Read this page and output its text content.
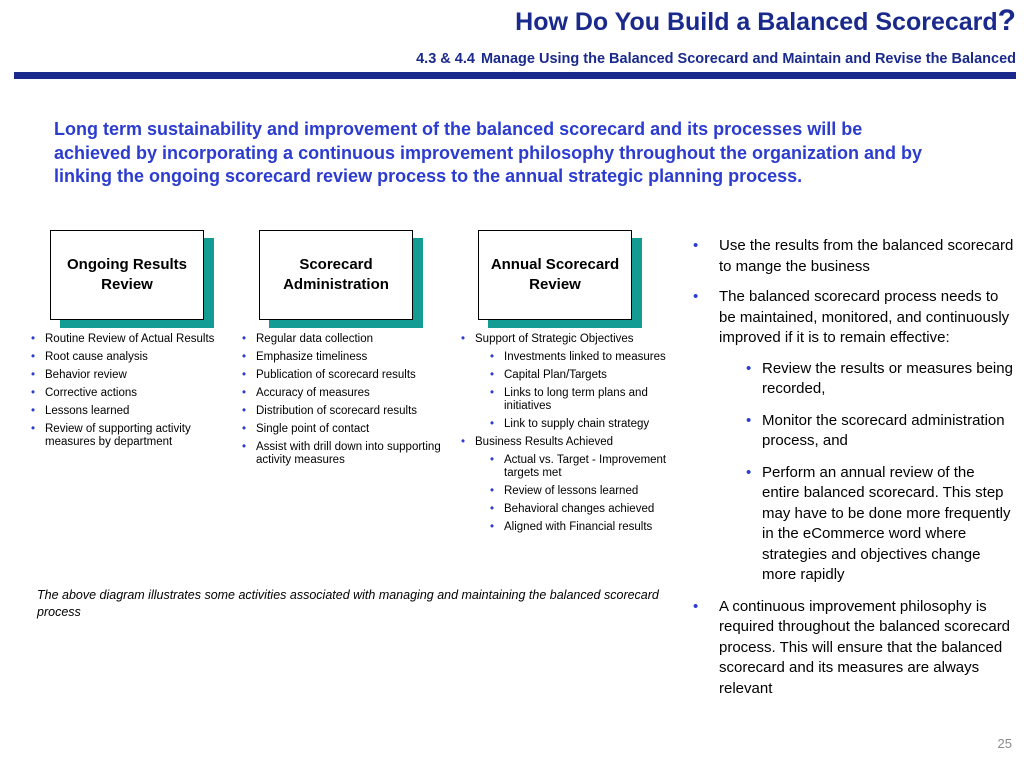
How Do You Build a Balanced Scorecard?
4.3 & 4.4 Manage Using the Balanced Scorecard and Maintain and Revise the Balanced
Long term sustainability and improvement of the balanced scorecard and its processes will be achieved by incorporating a continuous improvement philosophy throughout the organization and by linking the ongoing scorecard review process to the annual strategic planning process.
Ongoing Results Review
• Routine Review of Actual Results
• Root cause analysis
• Behavior review
• Corrective actions
• Lessons learned
• Review of supporting activity measures by department
Scorecard Administration
• Regular data collection
• Emphasize timeliness
• Publication of scorecard results
• Accuracy of measures
• Distribution of scorecard results
• Single point of contact
• Assist with drill down into supporting activity measures
Annual Scorecard Review
• Support of Strategic Objectives
• Investments linked to measures
• Capital Plan/Targets
• Links to long term plans and initiatives
• Link to supply chain strategy
• Business Results Achieved
• Actual vs. Target - Improvement targets met
• Review of lessons learned
• Behavioral changes achieved
• Aligned with Financial results
The above diagram illustrates some activities associated with managing and maintaining the balanced scorecard process
• Use the results from the balanced scorecard to mange the business
• The balanced scorecard process needs to be maintained, monitored, and continuously improved if it is to remain effective:
• Review the results or measures being recorded,
• Monitor the scorecard administration process, and
• Perform an annual review of the entire balanced scorecard. This step may have to be done more frequently in the eCommerce word where strategies and objectives change more rapidly
• A continuous improvement philosophy is required throughout the balanced scorecard process. This will ensure that the balanced scorecard and its measures are always relevant
25
